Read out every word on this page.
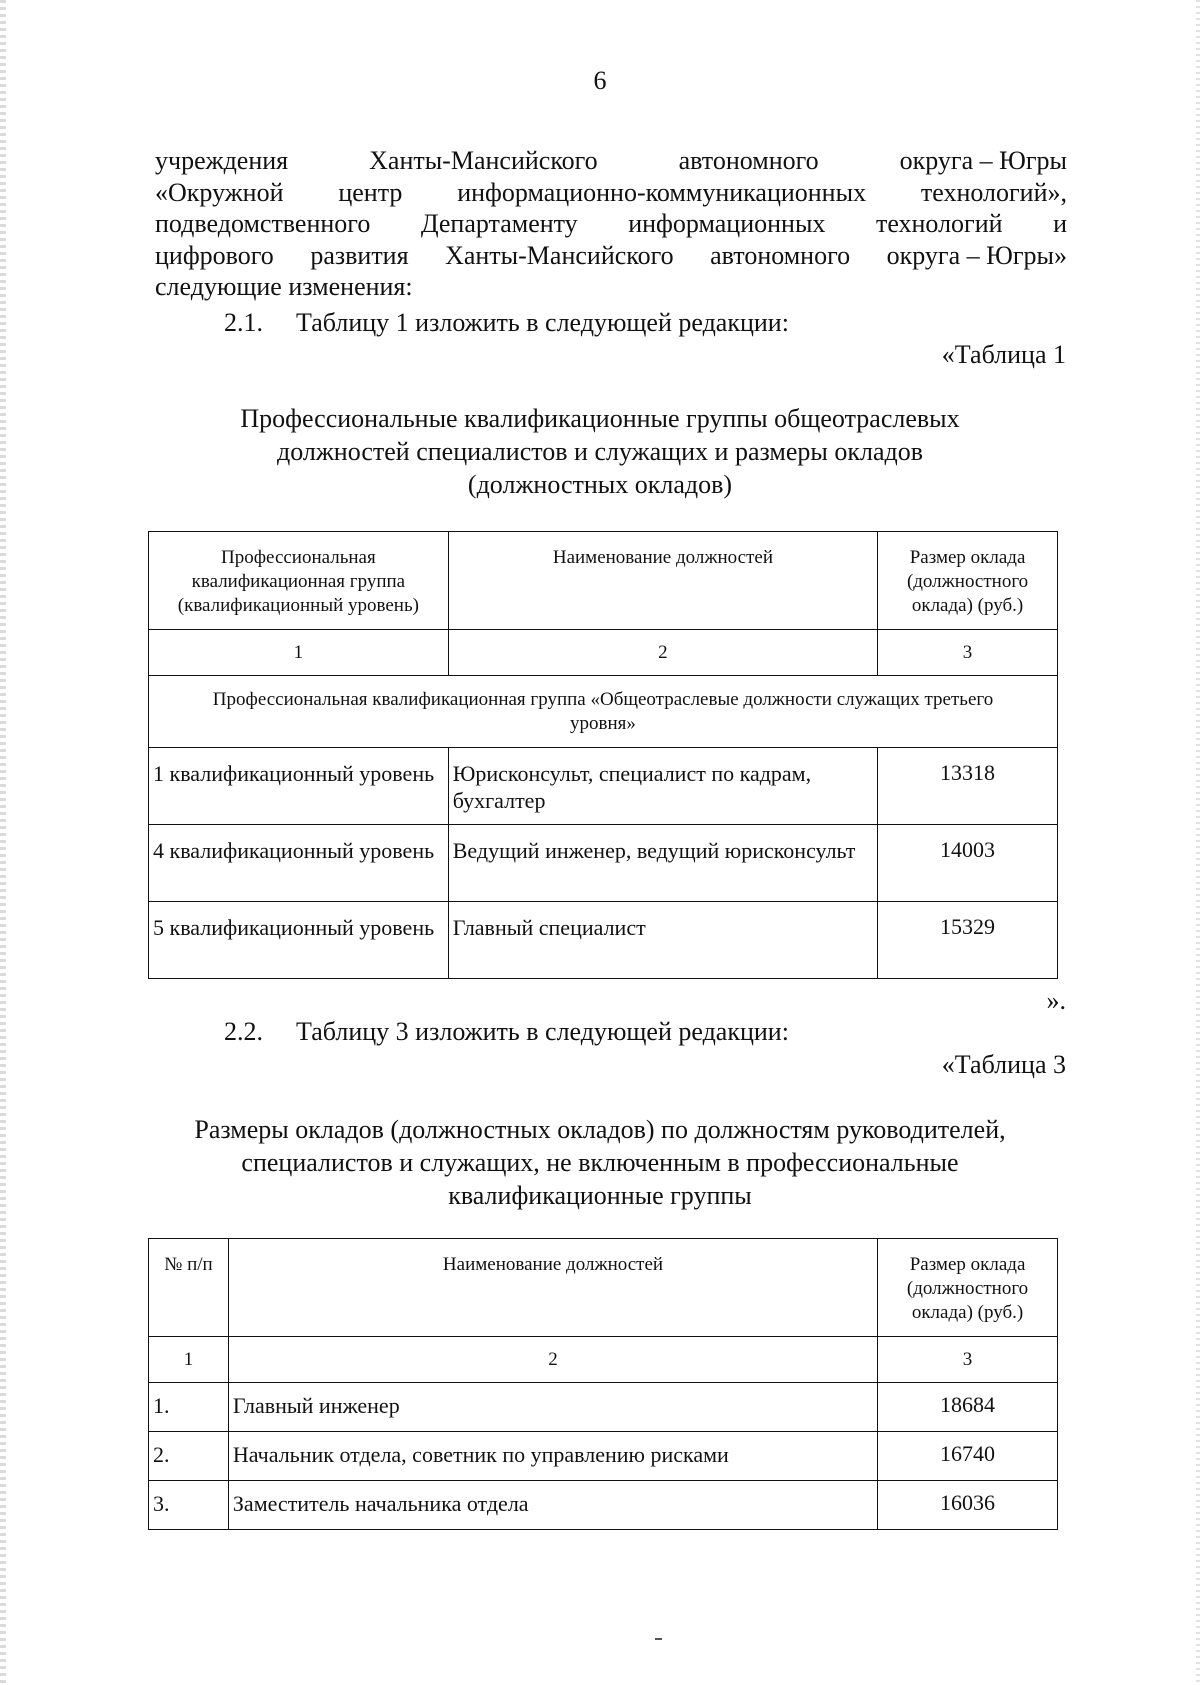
6
учреждения	Ханты-Мансийского	автономного	округа – Югры
«Окружной центр информационно-коммуникационных технологий»,
подведомственного Департаменту информационных технологий и
цифрового развития Ханты-Мансийского автономного округа – Югры»
следующие изменения:
2.1. Таблицу 1 изложить в следующей редакции:
«Таблица 1
Профессиональные квалификационные группы общеотраслевых
должностей специалистов и служащих и размеры окладов
(должностных окладов)
Профессиональная квалификационная группа (квалификационный уровень)	Наименование должностей	Размер оклада (должностного оклада) (руб.)
1	2	3
Профессиональная квалификационная группа «Общеотраслевые должности служащих третьего уровня»		
1 квалификационный уровень	Юрисконсульт, специалист по кадрам, бухгалтер	13318
4 квалификационный уровень	Ведущий инженер, ведущий юрисконсульт	14003
5 квалификационный уровень	Главный специалист	15329
».
2.2. Таблицу 3 изложить в следующей редакции:
«Таблица 3
Размеры окладов (должностных окладов) по должностям руководителей,
специалистов и служащих, не включенным в профессиональные
квалификационные группы
№ п/п	Наименование должностей	Размер оклада (должностного оклада) (руб.)
1	2	3
1.	Главный инженер	18684
2.	Начальник отдела, советник по управлению рисками	16740
3.	Заместитель начальника отдела	16036
